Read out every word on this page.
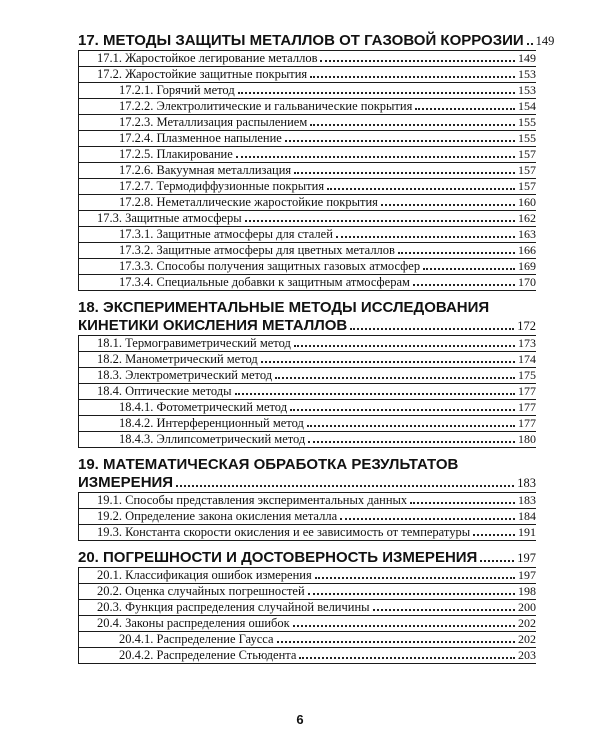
17. МЕТОДЫ ЗАЩИТЫ МЕТАЛЛОВ ОТ ГАЗОВОЙ КОРРОЗИИ 149
17.1. Жаростойкое легирование металлов	149
17.2. Жаростойкие защитные покрытия	153
17.2.1. Горячий метод	153
17.2.2. Электролитические и гальванические покрытия	154
17.2.3. Металлизация распылением	155
17.2.4. Плазменное напыление	155
17.2.5. Плакирование	157
17.2.6. Вакуумная металлизация	157
17.2.7. Термодиффузионные покрытия	157
17.2.8. Неметаллические жаростойкие покрытия	160
17.3. Защитные атмосферы	162
17.3.1. Защитные атмосферы для сталей	163
17.3.2. Защитные атмосферы для цветных металлов	166
17.3.3. Способы получения защитных газовых атмосфер	169
17.3.4. Специальные добавки к защитным атмосферам	170
18. ЭКСПЕРИМЕНТАЛЬНЫЕ МЕТОДЫ ИССЛЕДОВАНИЯ
КИНЕТИКИ ОКИСЛЕНИЯ МЕТАЛЛОВ	172
18.1. Термогравиметрический метод	173
18.2. Манометрический метод	174
18.3. Электрометрический метод	175
18.4. Оптические методы	177
18.4.1. Фотометрический метод	177
18.4.2. Интерференционный метод	177
18.4.3. Эллипсометрический метод	180
19. МАТЕМАТИЧЕСКАЯ ОБРАБОТКА РЕЗУЛЬТАТОВ
ИЗМЕРЕНИЯ	183
19.1. Способы представления экспериментальных данных	183
19.2. Определение закона окисления металла	184
19.3. Константа скорости окисления и ее зависимость от температуры	191
20. ПОГРЕШНОСТИ И ДОСТОВЕРНОСТЬ ИЗМЕРЕНИЯ	197
20.1. Классификация ошибок измерения	197
20.2. Оценка случайных погрешностей	198
20.3. Функция распределения случайной величины	200
20.4. Законы распределения ошибок	202
20.4.1. Распределение Гаусса	202
20.4.2. Распределение Стьюдента	203
6
